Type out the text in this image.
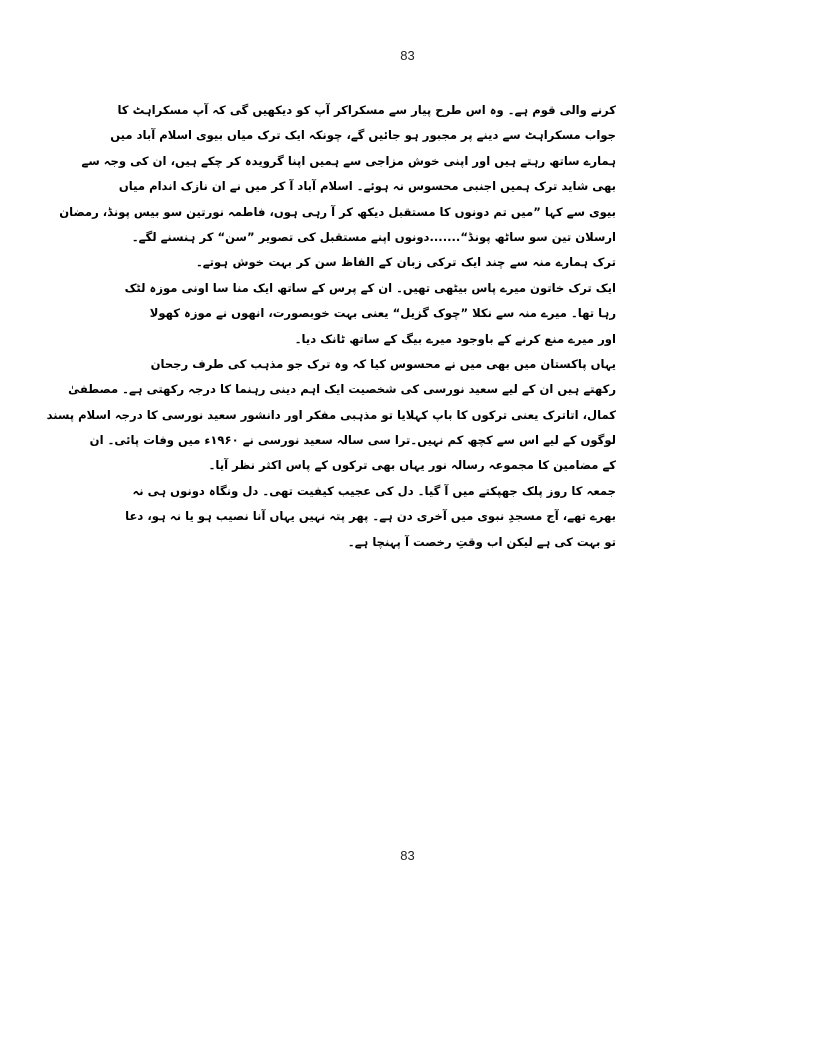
83
کرنے والی قوم ہے۔ وہ اس طرح پیار سے مسکراکر آپ کو دیکھیں گی کہ آپ مسکراہٹ کا
جواب مسکراہٹ سے دینے پر مجبور ہو جائیں گے، چونکہ ایک ترک میاں بیوی اسلام آباد میں
ہمارے ساتھ رہتے ہیں اور اپنی خوش مزاجی سے ہمیں اپنا گرویدہ کر چکے ہیں، ان کی وجہ سے
بھی شاید ترک ہمیں اجنبی محسوس نہ ہوئے۔ اسلام آباد آ کر میں نے ان نازک اندام میاں
بیوی سے کہا ”میں تم دونوں کا مستقبل دیکھ کر آ رہی ہوں، فاطمہ نورتین سو بیس پونڈ، رمضان
ارسلان تین سو ساٹھ پونڈ“.......دونوں اپنے مستقبل کی تصویر ”سن“ کر ہنسنے لگے۔
ترک ہمارے منہ سے چند ایک ترکی زبان کے الفاظ سن کر بہت خوش ہوتے۔
ایک ترک خاتون میرے پاس بیٹھی تھیں۔ ان کے پرس کے ساتھ ایک منا سا اونی موزہ لٹک
رہا تھا۔ میرے منہ سے نکلا ”چوک گزیل“ یعنی بہت خوبصورت، انھوں نے موزہ کھولا
اور میرے منع کرنے کے باوجود میرے بیگ کے ساتھ ٹانک دیا۔
یہاں پاکستان میں بھی میں نے محسوس کیا کہ وہ ترک جو مذہب کی طرف رجحان
رکھتے ہیں ان کے لیے سعید نورسی کی شخصیت ایک اہم دینی رہنما کا درجہ رکھتی ہے۔ مصطفیٰ
کمال، اتاترک یعنی ترکوں کا باپ کہلایا تو مذہبی مفکر اور دانشور سعید نورسی کا درجہ اسلام پسند
لوگوں کے لیے اس سے کچھ کم نہیں۔ترا سی سالہ سعید نورسی نے ۱۹۶۰ء میں وفات پائی۔ ان
کے مضامین کا مجموعہ رسالہ نور یہاں بھی ترکوں کے پاس اکثر نظر آیا۔
جمعہ کا روز پلک جھپکتے میں آ گیا۔ دل کی عجیب کیفیت تھی۔ دل ونگاہ دونوں ہی نہ
بھرے تھے، آج مسجدِ نبوی میں آخری دن ہے۔ پھر پتہ نہیں یہاں آنا نصیب ہو یا نہ ہو، دعا
تو بہت کی ہے لیکن اب وقتِ رخصت آ پہنچا ہے۔
83
